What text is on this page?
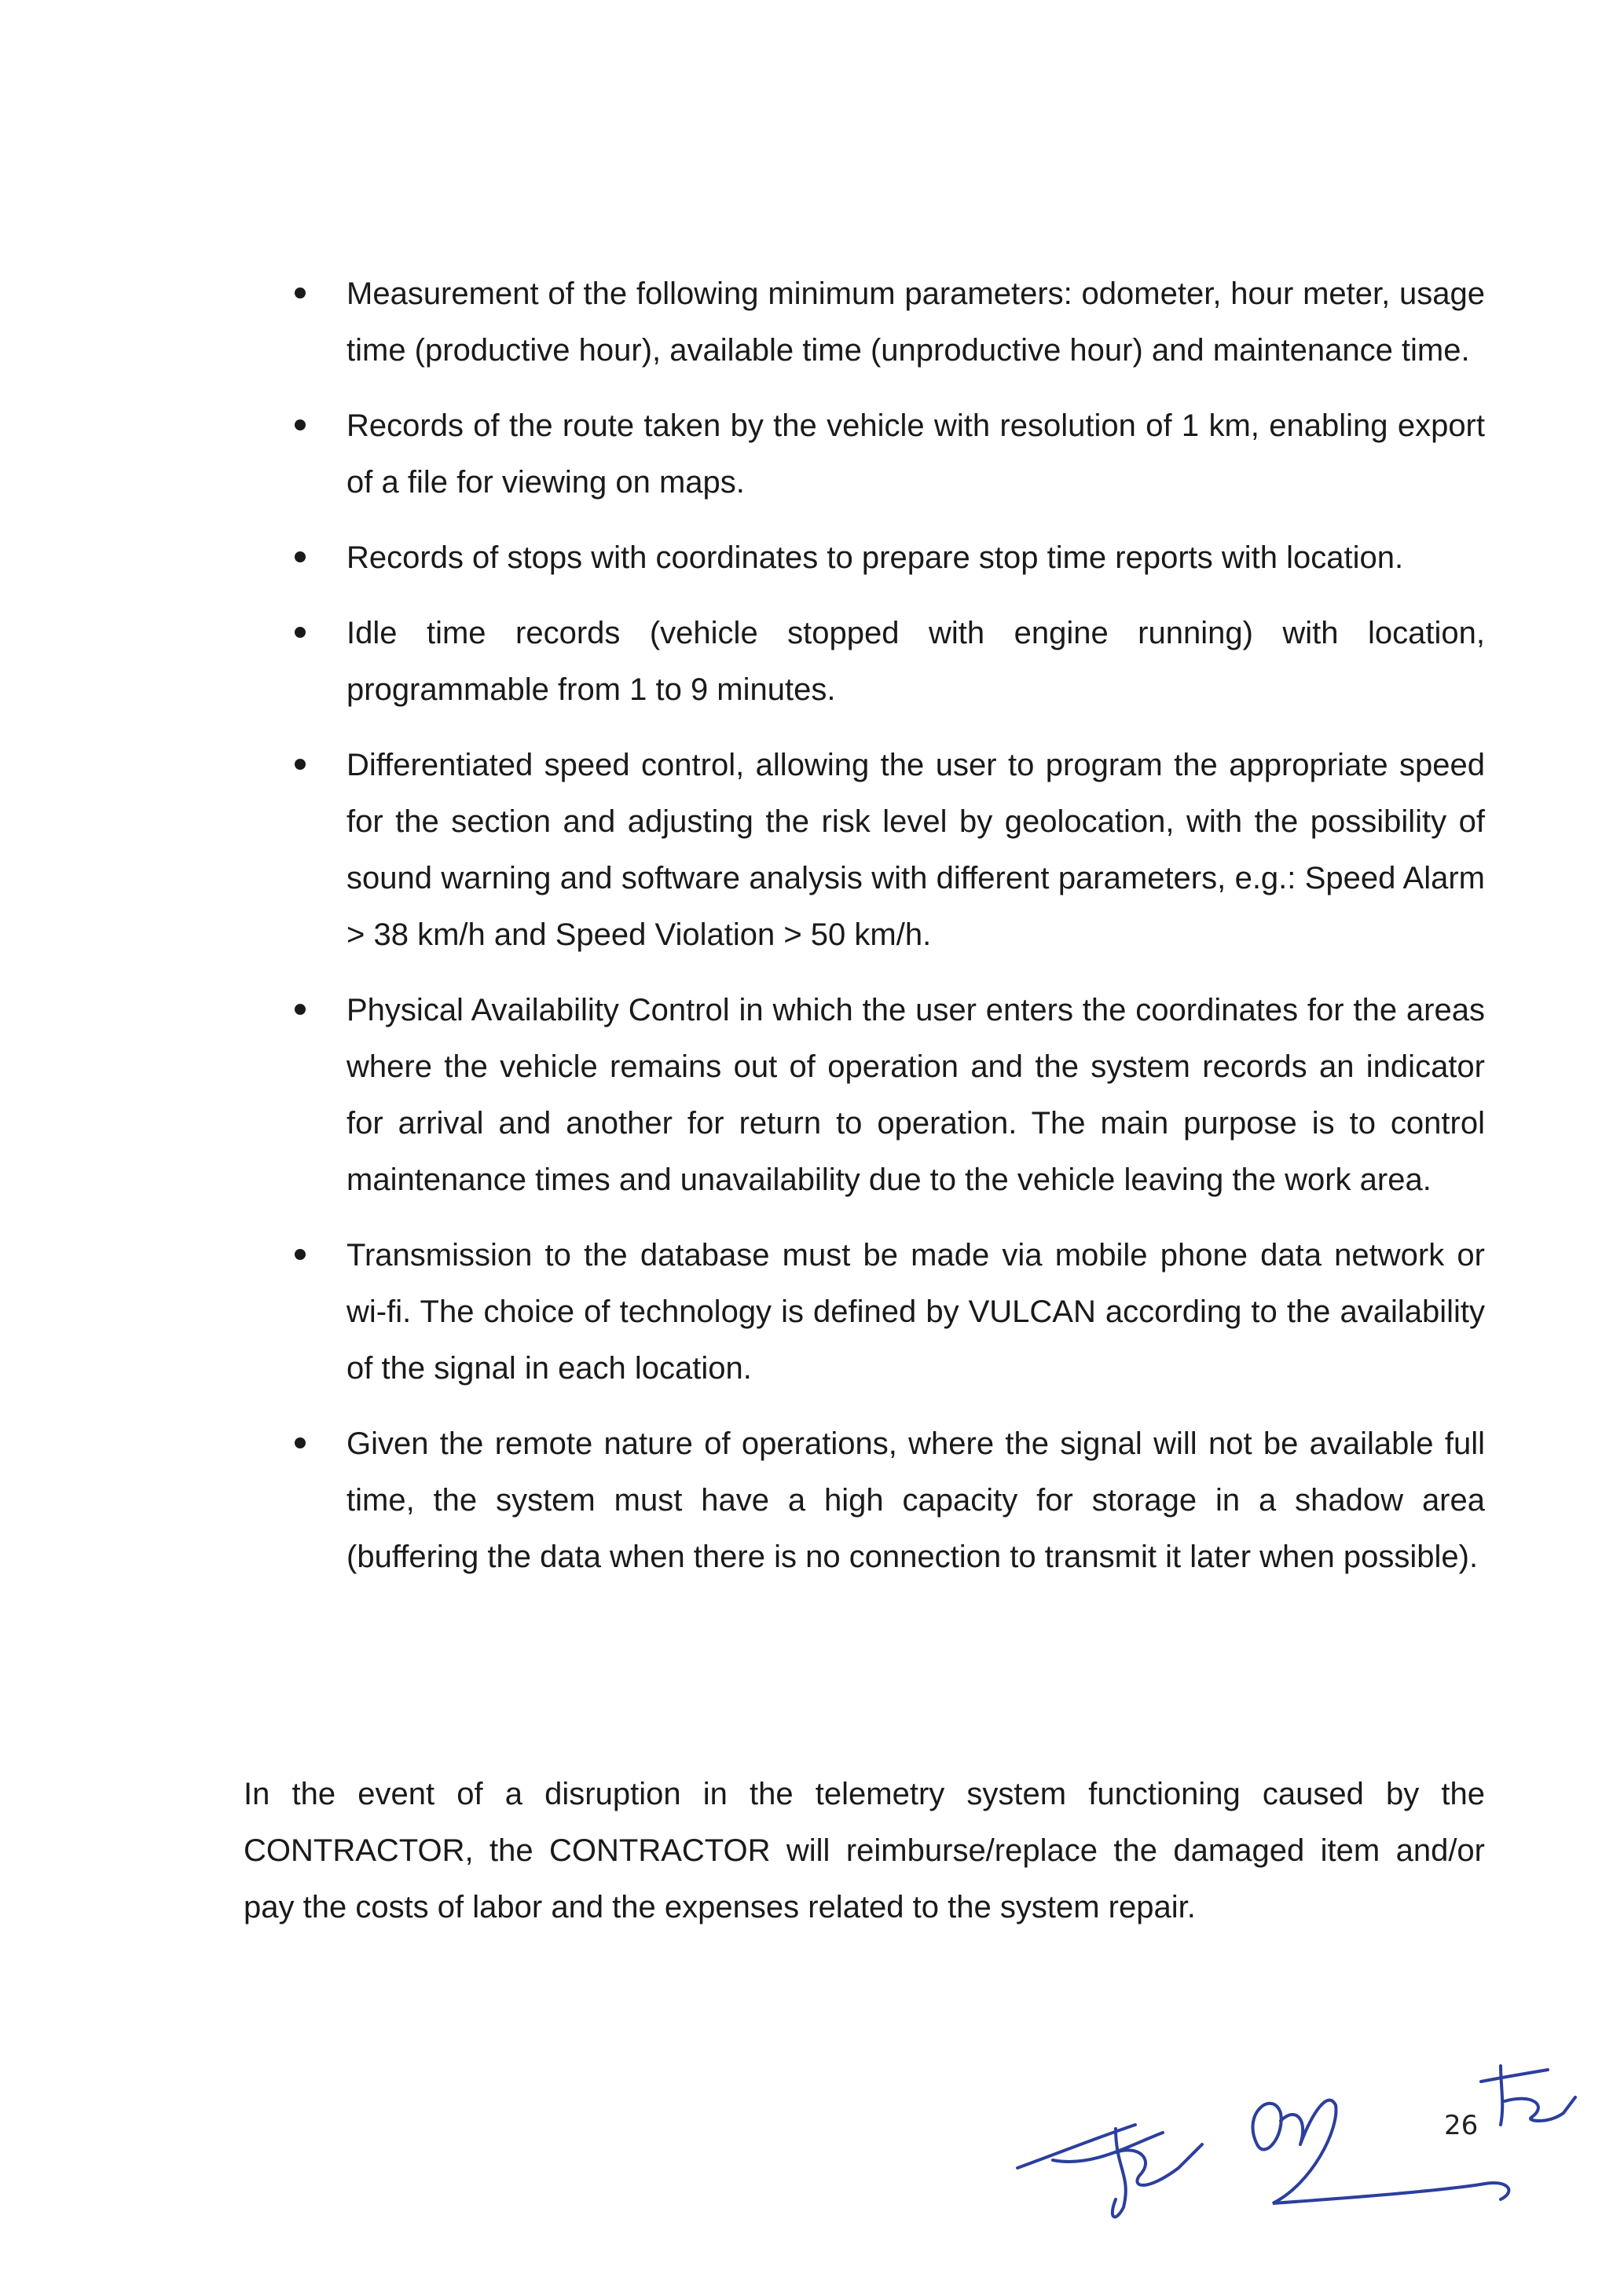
Measurement of the following minimum parameters: odometer, hour meter, usage time (productive hour), available time (unproductive hour) and maintenance time.
Records of the route taken by the vehicle with resolution of 1 km, enabling export of a file for viewing on maps.
Records of stops with coordinates to prepare stop time reports with location.
Idle time records (vehicle stopped with engine running) with location, programmable from 1 to 9 minutes.
Differentiated speed control, allowing the user to program the appropriate speed for the section and adjusting the risk level by geolocation, with the possibility of sound warning and software analysis with different parameters, e.g.: Speed Alarm > 38 km/h and Speed Violation > 50 km/h.
Physical Availability Control in which the user enters the coordinates for the areas where the vehicle remains out of operation and the system records an indicator for arrival and another for return to operation. The main purpose is to control maintenance times and unavailability due to the vehicle leaving the work area.
Transmission to the database must be made via mobile phone data network or wi-fi. The choice of technology is defined by VULCAN according to the availability of the signal in each location.
Given the remote nature of operations, where the signal will not be available full time, the system must have a high capacity for storage in a shadow area (buffering the data when there is no connection to transmit it later when possible).

In the event of a disruption in the telemetry system functioning caused by the CONTRACTOR, the CONTRACTOR will reimburse/replace the damaged item and/or pay the costs of labor and the expenses related to the system repair.

26
